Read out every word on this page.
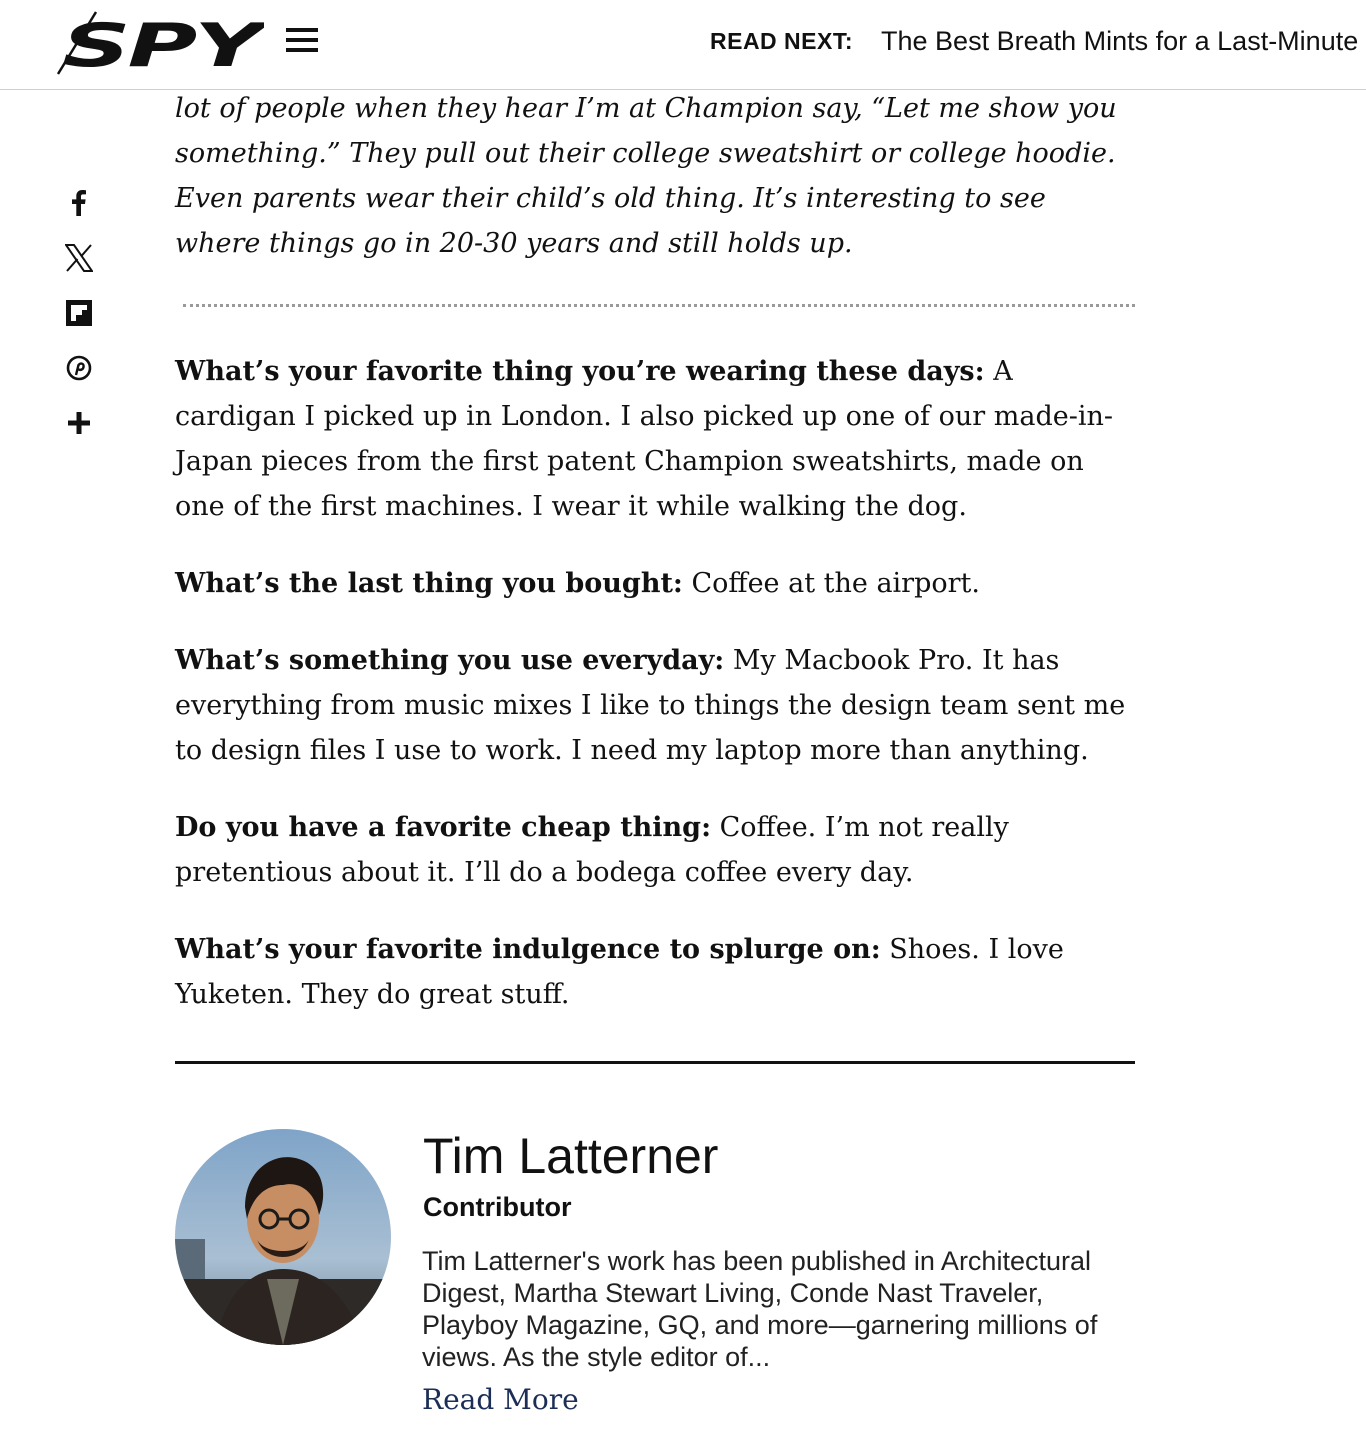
SPY	READ NEXT: The Best Breath Mints for a Last-Minute

lot of people when they hear I’m at Champion say, “Let me show you something.” They pull out their college sweatshirt or college hoodie. Even parents wear their child’s old thing. It’s interesting to see where things go in 20-30 years and still holds up.

What’s your favorite thing you’re wearing these days: A cardigan I picked up in London. I also picked up one of our made-in-Japan pieces from the first patent Champion sweatshirts, made on one of the first machines. I wear it while walking the dog.

What’s the last thing you bought: Coffee at the airport.

What’s something you use everyday: My Macbook Pro. It has everything from music mixes I like to things the design team sent me to design files I use to work. I need my laptop more than anything.

Do you have a favorite cheap thing: Coffee. I’m not really pretentious about it. I’ll do a bodega coffee every day.

What’s your favorite indulgence to splurge on: Shoes. I love Yuketen. They do great stuff.

Tim Latterner
Contributor

Tim Latterner's work has been published in Architectural Digest, Martha Stewart Living, Conde Nast Traveler, Playboy Magazine, GQ, and more—garnering millions of views. As the style editor of...

Read More
